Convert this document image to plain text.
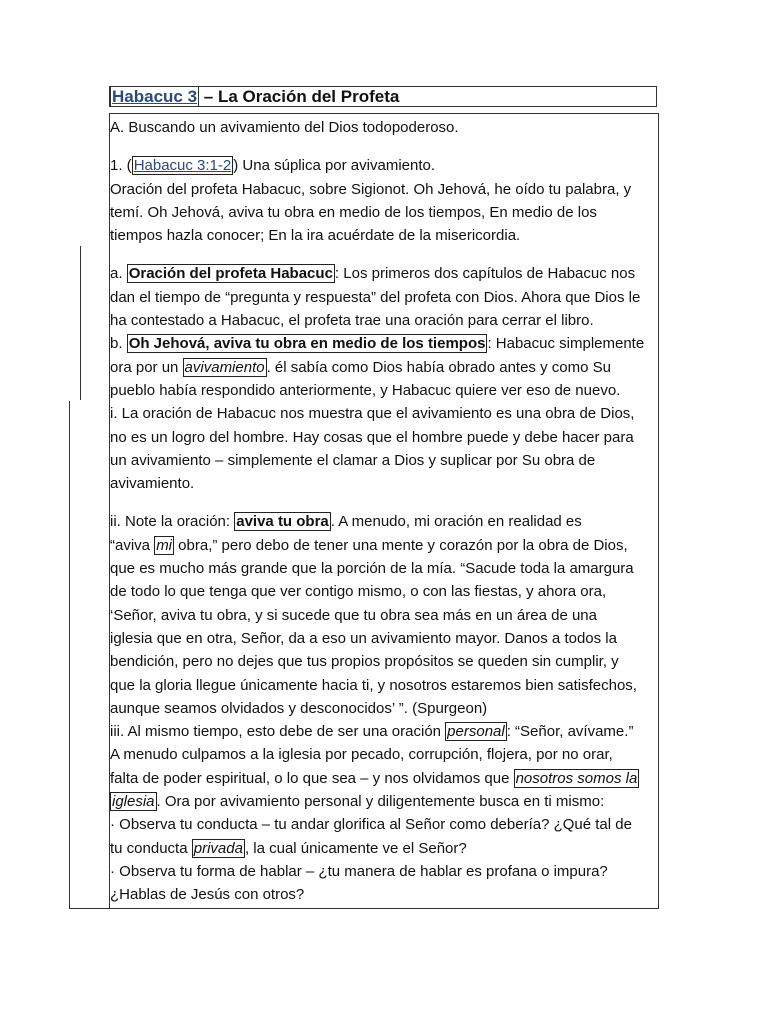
Habacuc 3 – La Oración del Profeta

A. Buscando un avivamiento del Dios todopoderoso.

1. ( Habacuc 3:1-2 ) Una súplica por avivamiento.

Oración del profeta Habacuc, sobre Sigionot. Oh Jehová, he oído tu palabra, y

temí. Oh Jehová, aviva tu obra en medio de los tiempos, En medio de los

tiempos hazla conocer; En la ira acuérdate de la misericordia.

a. Oración del profeta Habacuc : Los primeros dos capítulos de Habacuc nos

dan el tiempo de “pregunta y respuesta” del profeta con Dios. Ahora que Dios le

ha contestado a Habacuc, el profeta trae una oración para cerrar el libro.

b. Oh Jehová, aviva tu obra en medio de los tiempos : Habacuc simplemente

ora por un avivamiento . él sabía como Dios había obrado antes y como Su

pueblo había respondido anteriormente, y Habacuc quiere ver eso de nuevo.

i. La oración de Habacuc nos muestra que el avivamiento es una obra de Dios,

no es un logro del hombre. Hay cosas que el hombre puede y debe hacer para

un avivamiento – simplemente el clamar a Dios y suplicar por Su obra de

avivamiento.

ii. Note la oración: aviva tu obra . A menudo, mi oración en realidad es

“aviva mi obra,” pero debo de tener una mente y corazón por la obra de Dios,

que es mucho más grande que la porción de la mía. “Sacude toda la amargura

de todo lo que tenga que ver contigo mismo, o con las fiestas, y ahora ora,

‘Señor, aviva tu obra, y si sucede que tu obra sea más en un área de una

iglesia que en otra, Señor, da a eso un avivamiento mayor. Danos a todos la

bendición, pero no dejes que tus propios propósitos se queden sin cumplir, y

que la gloria llegue únicamente hacia ti, y nosotros estaremos bien satisfechos,

aunque seamos olvidados y desconocidos’ ”. (Spurgeon)

iii. Al mismo tiempo, esto debe de ser una oración personal : “Señor, avívame.”

A menudo culpamos a la iglesia por pecado, corrupción, flojera, por no orar,

falta de poder espiritual, o lo que sea – y nos olvidamos que nosotros somos la

iglesia . Ora por avivamiento personal y diligentemente busca en ti mismo:

· Observa tu conducta – tu andar glorifica al Señor como debería? ¿Qué tal de

tu conducta privada , la cual únicamente ve el Señor?

· Observa tu forma de hablar – ¿tu manera de hablar es profana o impura?

¿Hablas de Jesús con otros?
